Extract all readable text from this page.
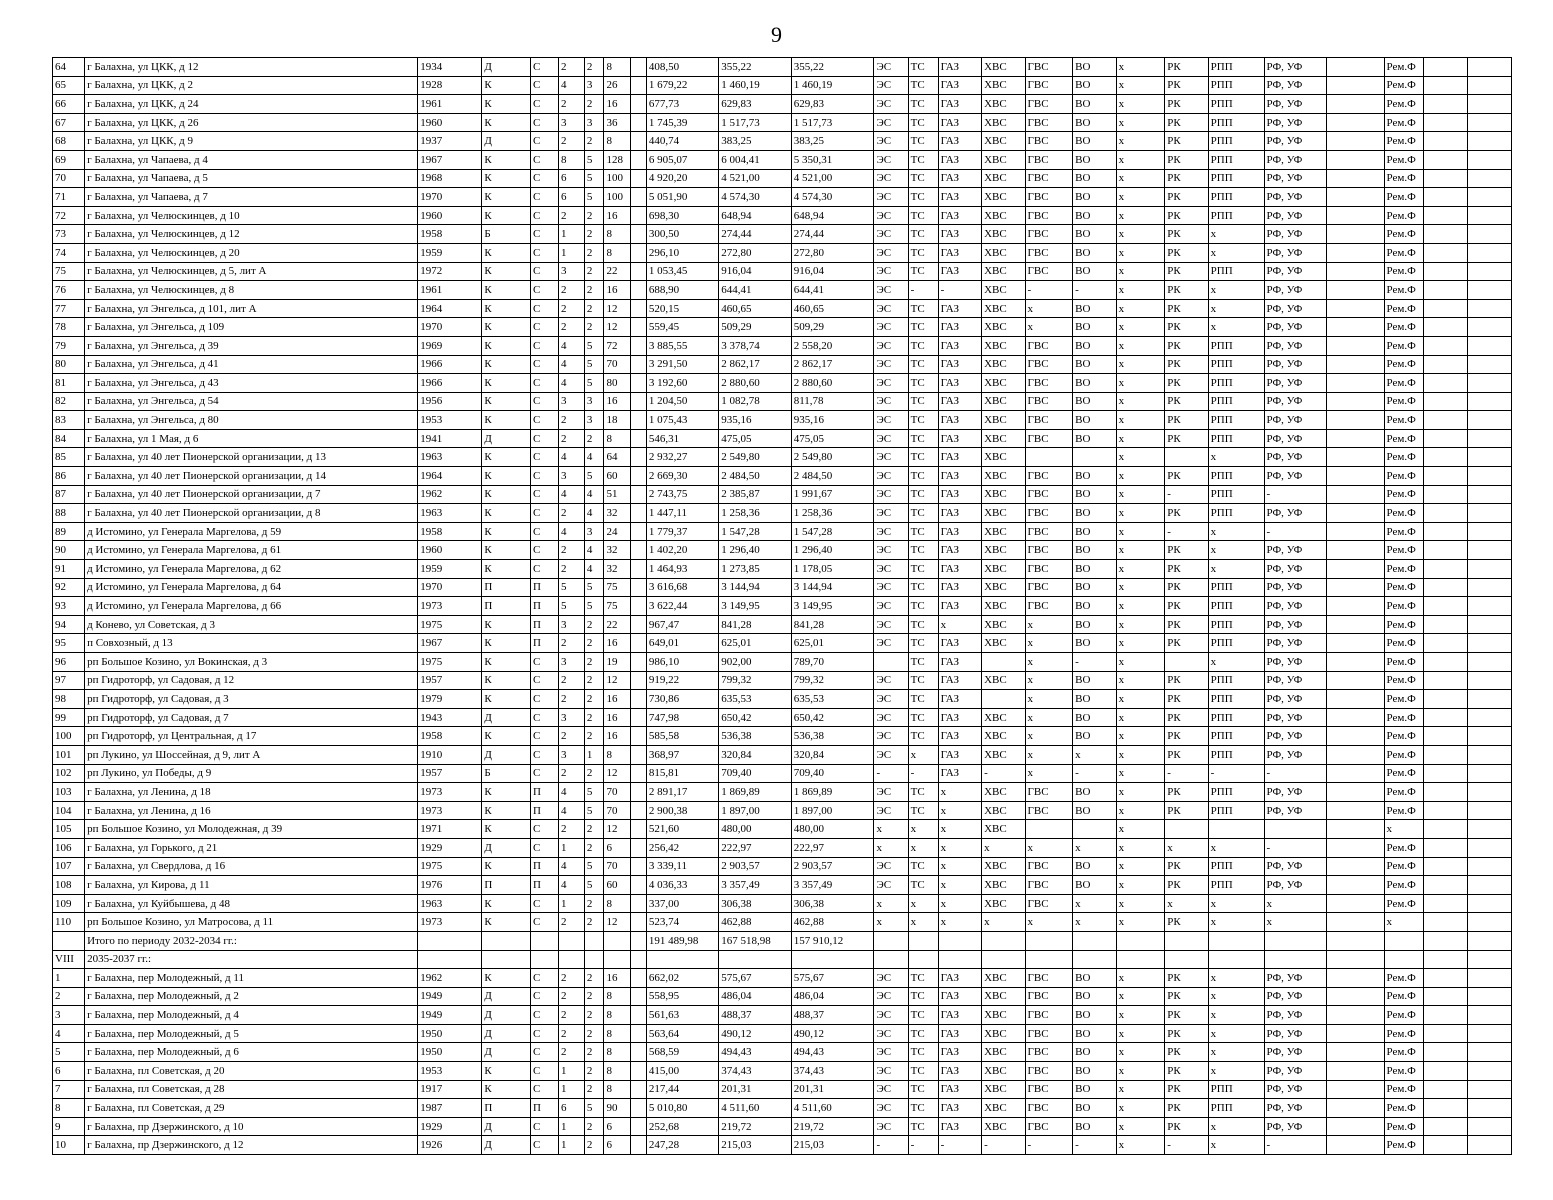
9
64	г Балахна, ул ЦКК, д 12	1934	Д	С	2	2	8		408,50	355,22	355,22	ЭС	ТС	ГАЗ	ХВС	ГВС	ВО	х	РК	РПП	РФ, УФ		Рем.Ф		
65	г Балахна, ул ЦКК, д 2	1928	К	С	4	3	26		1 679,22	1 460,19	1 460,19	ЭС	ТС	ГАЗ	ХВС	ГВС	ВО	х	РК	РПП	РФ, УФ		Рем.Ф		
66	г Балахна, ул ЦКК, д 24	1961	К	С	2	2	16		677,73	629,83	629,83	ЭС	ТС	ГАЗ	ХВС	ГВС	ВО	х	РК	РПП	РФ, УФ		Рем.Ф		
67	г Балахна, ул ЦКК, д 26	1960	К	С	3	3	36		1 745,39	1 517,73	1 517,73	ЭС	ТС	ГАЗ	ХВС	ГВС	ВО	х	РК	РПП	РФ, УФ		Рем.Ф		
68	г Балахна, ул ЦКК, д 9	1937	Д	С	2	2	8		440,74	383,25	383,25	ЭС	ТС	ГАЗ	ХВС	ГВС	ВО	х	РК	РПП	РФ, УФ		Рем.Ф		
69	г Балахна, ул Чапаева, д 4	1967	К	С	8	5	128		6 905,07	6 004,41	5 350,31	ЭС	ТС	ГАЗ	ХВС	ГВС	ВО	х	РК	РПП	РФ, УФ		Рем.Ф		
70	г Балахна, ул Чапаева, д 5	1968	К	С	6	5	100		4 920,20	4 521,00	4 521,00	ЭС	ТС	ГАЗ	ХВС	ГВС	ВО	х	РК	РПП	РФ, УФ		Рем.Ф		
71	г Балахна, ул Чапаева, д 7	1970	К	С	6	5	100		5 051,90	4 574,30	4 574,30	ЭС	ТС	ГАЗ	ХВС	ГВС	ВО	х	РК	РПП	РФ, УФ		Рем.Ф		
72	г Балахна, ул Челюскинцев, д 10	1960	К	С	2	2	16		698,30	648,94	648,94	ЭС	ТС	ГАЗ	ХВС	ГВС	ВО	х	РК	РПП	РФ, УФ		Рем.Ф		
73	г Балахна, ул Челюскинцев, д 12	1958	Б	С	1	2	8		300,50	274,44	274,44	ЭС	ТС	ГАЗ	ХВС	ГВС	ВО	х	РК	х	РФ, УФ		Рем.Ф		
74	г Балахна, ул Челюскинцев, д 20	1959	К	С	1	2	8		296,10	272,80	272,80	ЭС	ТС	ГАЗ	ХВС	ГВС	ВО	х	РК	х	РФ, УФ		Рем.Ф		
75	г Балахна, ул Челюскинцев, д 5, лит А	1972	К	С	3	2	22		1 053,45	916,04	916,04	ЭС	ТС	ГАЗ	ХВС	ГВС	ВО	х	РК	РПП	РФ, УФ		Рем.Ф		
76	г Балахна, ул Челюскинцев, д 8	1961	К	С	2	2	16		688,90	644,41	644,41	ЭС	-	-	ХВС	-	-	х	РК	х	РФ, УФ		Рем.Ф		
77	г Балахна, ул Энгельса, д 101, лит А	1964	К	С	2	2	12		520,15	460,65	460,65	ЭС	ТС	ГАЗ	ХВС	х	ВО	х	РК	х	РФ, УФ		Рем.Ф		
78	г Балахна, ул Энгельса, д 109	1970	К	С	2	2	12		559,45	509,29	509,29	ЭС	ТС	ГАЗ	ХВС	х	ВО	х	РК	х	РФ, УФ		Рем.Ф		
79	г Балахна, ул Энгельса, д 39	1969	К	С	4	5	72		3 885,55	3 378,74	2 558,20	ЭС	ТС	ГАЗ	ХВС	ГВС	ВО	х	РК	РПП	РФ, УФ		Рем.Ф		
80	г Балахна, ул Энгельса, д 41	1966	К	С	4	5	70		3 291,50	2 862,17	2 862,17	ЭС	ТС	ГАЗ	ХВС	ГВС	ВО	х	РК	РПП	РФ, УФ		Рем.Ф		
81	г Балахна, ул Энгельса, д 43	1966	К	С	4	5	80		3 192,60	2 880,60	2 880,60	ЭС	ТС	ГАЗ	ХВС	ГВС	ВО	х	РК	РПП	РФ, УФ		Рем.Ф		
82	г Балахна, ул Энгельса, д 54	1956	К	С	3	3	16		1 204,50	1 082,78	811,78	ЭС	ТС	ГАЗ	ХВС	ГВС	ВО	х	РК	РПП	РФ, УФ		Рем.Ф		
83	г Балахна, ул Энгельса, д 80	1953	К	С	2	3	18		1 075,43	935,16	935,16	ЭС	ТС	ГАЗ	ХВС	ГВС	ВО	х	РК	РПП	РФ, УФ		Рем.Ф		
84	г Балахна, ул 1 Мая, д 6	1941	Д	С	2	2	8		546,31	475,05	475,05	ЭС	ТС	ГАЗ	ХВС	ГВС	ВО	х	РК	РПП	РФ, УФ		Рем.Ф		
85	г Балахна, ул 40 лет Пионерской организации, д 13	1963	К	С	4	4	64		2 932,27	2 549,80	2 549,80	ЭС	ТС	ГАЗ	ХВС			х		х	РФ, УФ		Рем.Ф		
86	г Балахна, ул 40 лет Пионерской организации, д 14	1964	К	С	3	5	60		2 669,30	2 484,50	2 484,50	ЭС	ТС	ГАЗ	ХВС	ГВС	ВО	х	РК	РПП	РФ, УФ		Рем.Ф		
87	г Балахна, ул 40 лет Пионерской организации, д 7	1962	К	С	4	4	51		2 743,75	2 385,87	1 991,67	ЭС	ТС	ГАЗ	ХВС	ГВС	ВО	х	-	РПП	-		Рем.Ф		
88	г Балахна, ул 40 лет Пионерской организации, д 8	1963	К	С	2	4	32		1 447,11	1 258,36	1 258,36	ЭС	ТС	ГАЗ	ХВС	ГВС	ВО	х	РК	РПП	РФ, УФ		Рем.Ф		
89	д Истомино, ул Генерала Маргелова, д 59	1958	К	С	4	3	24		1 779,37	1 547,28	1 547,28	ЭС	ТС	ГАЗ	ХВС	ГВС	ВО	х	-	х	-		Рем.Ф		
90	д Истомино, ул Генерала Маргелова, д 61	1960	К	С	2	4	32		1 402,20	1 296,40	1 296,40	ЭС	ТС	ГАЗ	ХВС	ГВС	ВО	х	РК	х	РФ, УФ		Рем.Ф		
91	д Истомино, ул Генерала Маргелова, д 62	1959	К	С	2	4	32		1 464,93	1 273,85	1 178,05	ЭС	ТС	ГАЗ	ХВС	ГВС	ВО	х	РК	х	РФ, УФ		Рем.Ф		
92	д Истомино, ул Генерала Маргелова, д 64	1970	П	П	5	5	75		3 616,68	3 144,94	3 144,94	ЭС	ТС	ГАЗ	ХВС	ГВС	ВО	х	РК	РПП	РФ, УФ		Рем.Ф		
93	д Истомино, ул Генерала Маргелова, д 66	1973	П	П	5	5	75		3 622,44	3 149,95	3 149,95	ЭС	ТС	ГАЗ	ХВС	ГВС	ВО	х	РК	РПП	РФ, УФ		Рем.Ф		
94	д Конево, ул Советская, д 3	1975	К	П	3	2	22		967,47	841,28	841,28	ЭС	ТС	х	ХВС	х	ВО	х	РК	РПП	РФ, УФ		Рем.Ф		
95	п Совхозный, д 13	1967	К	П	2	2	16		649,01	625,01	625,01	ЭС	ТС	ГАЗ	ХВС	х	ВО	х	РК	РПП	РФ, УФ		Рем.Ф		
96	рп Большое Козино, ул Вокинская, д 3	1975	К	С	3	2	19		986,10	902,00	789,70		ТС	ГАЗ		х	-	х		х	РФ, УФ		Рем.Ф		
97	рп Гидроторф, ул Садовая, д 12	1957	К	С	2	2	12		919,22	799,32	799,32	ЭС	ТС	ГАЗ	ХВС	х	ВО	х	РК	РПП	РФ, УФ		Рем.Ф		
98	рп Гидроторф, ул Садовая, д 3	1979	К	С	2	2	16		730,86	635,53	635,53	ЭС	ТС	ГАЗ		х	ВО	х	РК	РПП	РФ, УФ		Рем.Ф		
99	рп Гидроторф, ул Садовая, д 7	1943	Д	С	3	2	16		747,98	650,42	650,42	ЭС	ТС	ГАЗ	ХВС	х	ВО	х	РК	РПП	РФ, УФ		Рем.Ф		
100	рп Гидроторф, ул Центральная, д 17	1958	К	С	2	2	16		585,58	536,38	536,38	ЭС	ТС	ГАЗ	ХВС	х	ВО	х	РК	РПП	РФ, УФ		Рем.Ф		
101	рп Лукино, ул Шоссейная, д 9, лит А	1910	Д	С	3	1	8		368,97	320,84	320,84	ЭС	х	ГАЗ	ХВС	х	х	х	РК	РПП	РФ, УФ		Рем.Ф		
102	рп Лукино, ул Победы, д 9	1957	Б	С	2	2	12		815,81	709,40	709,40	-	-	ГАЗ	-	х	-	х	-	-	-		Рем.Ф		
103	г Балахна, ул Ленина, д 18	1973	К	П	4	5	70		2 891,17	1 869,89	1 869,89	ЭС	ТС	х	ХВС	ГВС	ВО	х	РК	РПП	РФ, УФ		Рем.Ф		
104	г Балахна, ул Ленина, д 16	1973	К	П	4	5	70		2 900,38	1 897,00	1 897,00	ЭС	ТС	х	ХВС	ГВС	ВО	х	РК	РПП	РФ, УФ		Рем.Ф		
105	рп Большое Козино, ул Молодежная, д 39	1971	К	С	2	2	12		521,60	480,00	480,00	х	х	х	ХВС			х					х		
106	г Балахна, ул Горького, д 21	1929	Д	С	1	2	6		256,42	222,97	222,97	х	х	х	х	х	х	х	х	х	-		Рем.Ф		
107	г Балахна, ул Свердлова, д 16	1975	К	П	4	5	70		3 339,11	2 903,57	2 903,57	ЭС	ТС	х	ХВС	ГВС	ВО	х	РК	РПП	РФ, УФ		Рем.Ф		
108	г Балахна, ул Кирова, д 11	1976	П	П	4	5	60		4 036,33	3 357,49	3 357,49	ЭС	ТС	х	ХВС	ГВС	ВО	х	РК	РПП	РФ, УФ		Рем.Ф		
109	г Балахна, ул Куйбышева, д 48	1963	К	С	1	2	8		337,00	306,38	306,38	х	х	х	ХВС	ГВС	х	х	х	х	х		Рем.Ф		
110	рп Большое Козино, ул Матросова, д 11	1973	К	С	2	2	12		523,74	462,88	462,88	х	х	х	х	х	х	х	РК	х	х		х		
	Итого по периоду 2032-2034 гг.:								191 489,98	167 518,98	157 910,12														
VIII	2035-2037 гг.:																								
1	г Балахна, пер Молодежный, д 11	1962	К	С	2	2	16		662,02	575,67	575,67	ЭС	ТС	ГАЗ	ХВС	ГВС	ВО	х	РК	х	РФ, УФ		Рем.Ф		
2	г Балахна, пер Молодежный, д 2	1949	Д	С	2	2	8		558,95	486,04	486,04	ЭС	ТС	ГАЗ	ХВС	ГВС	ВО	х	РК	х	РФ, УФ		Рем.Ф		
3	г Балахна, пер Молодежный, д 4	1949	Д	С	2	2	8		561,63	488,37	488,37	ЭС	ТС	ГАЗ	ХВС	ГВС	ВО	х	РК	х	РФ, УФ		Рем.Ф		
4	г Балахна, пер Молодежный, д 5	1950	Д	С	2	2	8		563,64	490,12	490,12	ЭС	ТС	ГАЗ	ХВС	ГВС	ВО	х	РК	х	РФ, УФ		Рем.Ф		
5	г Балахна, пер Молодежный, д 6	1950	Д	С	2	2	8		568,59	494,43	494,43	ЭС	ТС	ГАЗ	ХВС	ГВС	ВО	х	РК	х	РФ, УФ		Рем.Ф		
6	г Балахна, пл Советская, д 20	1953	К	С	1	2	8		415,00	374,43	374,43	ЭС	ТС	ГАЗ	ХВС	ГВС	ВО	х	РК	х	РФ, УФ		Рем.Ф		
7	г Балахна, пл Советская, д 28	1917	К	С	1	2	8		217,44	201,31	201,31	ЭС	ТС	ГАЗ	ХВС	ГВС	ВО	х	РК	РПП	РФ, УФ		Рем.Ф		
8	г Балахна, пл Советская, д 29	1987	П	П	6	5	90		5 010,80	4 511,60	4 511,60	ЭС	ТС	ГАЗ	ХВС	ГВС	ВО	х	РК	РПП	РФ, УФ		Рем.Ф		
9	г Балахна, пр Дзержинского, д 10	1929	Д	С	1	2	6		252,68	219,72	219,72	ЭС	ТС	ГАЗ	ХВС	ГВС	ВО	х	РК	х	РФ, УФ		Рем.Ф		
10	г Балахна, пр Дзержинского, д 12	1926	Д	С	1	2	6		247,28	215,03	215,03	-	-	-	-	-	-	х	-	х	-		Рем.Ф		
